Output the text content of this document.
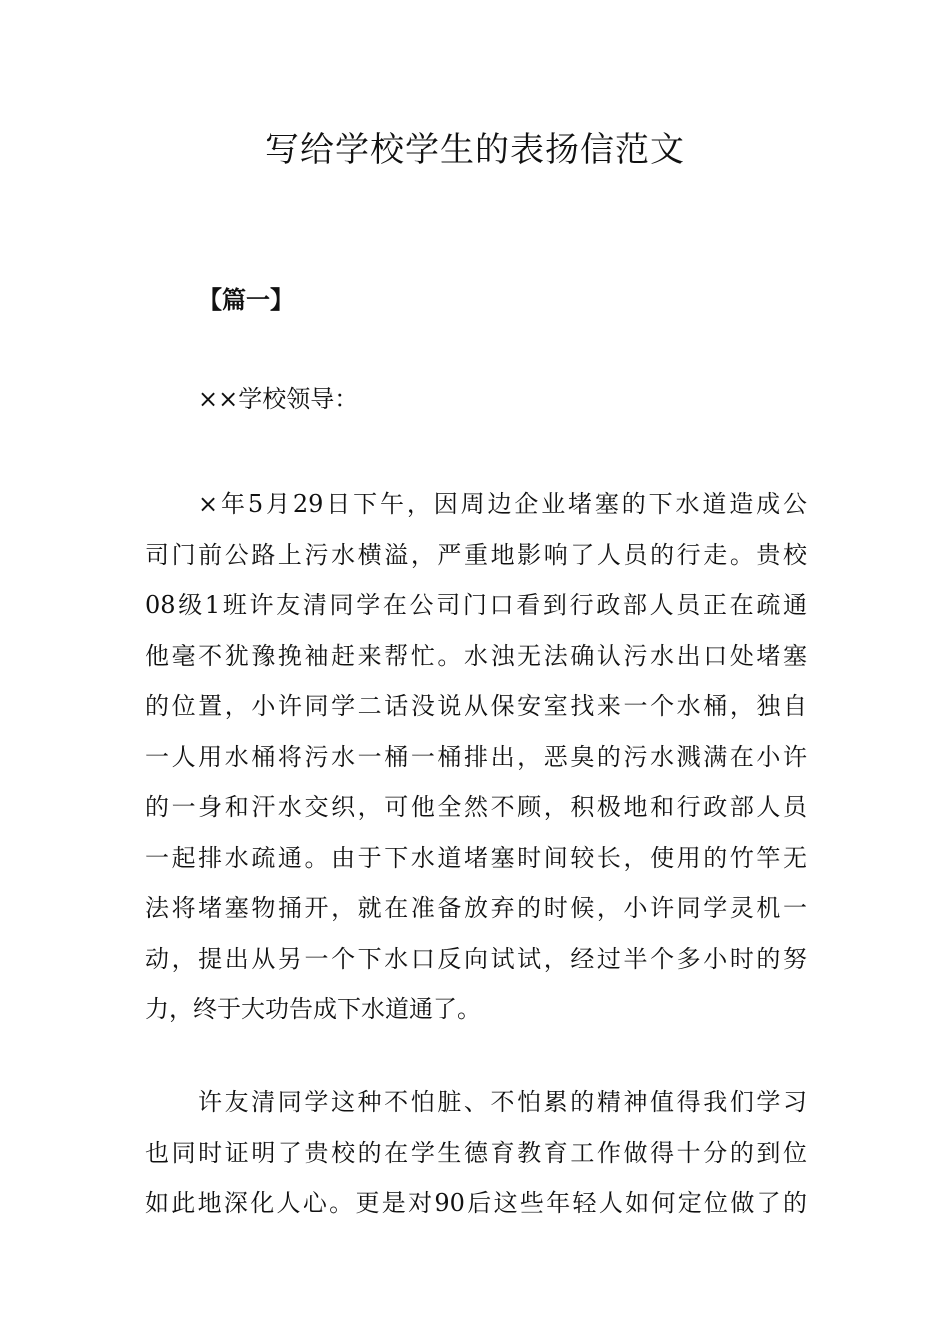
写给学校学生的表扬信范文
【篇一】
××学校领导：

×年5月29日下午，因周边企业堵塞的下水道造成公
司门前公路上污水横溢，严重地影响了人员的行走。贵校
08级1班许友清同学在公司门口看到行政部人员正在疏通
他毫不犹豫挽袖赶来帮忙。水浊无法确认污水出口处堵塞
的位置，小许同学二话没说从保安室找来一个水桶，独自
一人用水桶将污水一桶一桶排出，恶臭的污水溅满在小许
的一身和汗水交织，可他全然不顾，积极地和行政部人员
一起排水疏通。由于下水道堵塞时间较长，使用的竹竿无
法将堵塞物捅开，就在准备放弃的时候，小许同学灵机一
动，提出从另一个下水口反向试试，经过半个多小时的努
力，终于大功告成下水道通了。

许友清同学这种不怕脏、不怕累的精神值得我们学习
也同时证明了贵校的在学生德育教育工作做得十分的到位
如此地深化人心。更是对90后这些年轻人如何定位做了的
